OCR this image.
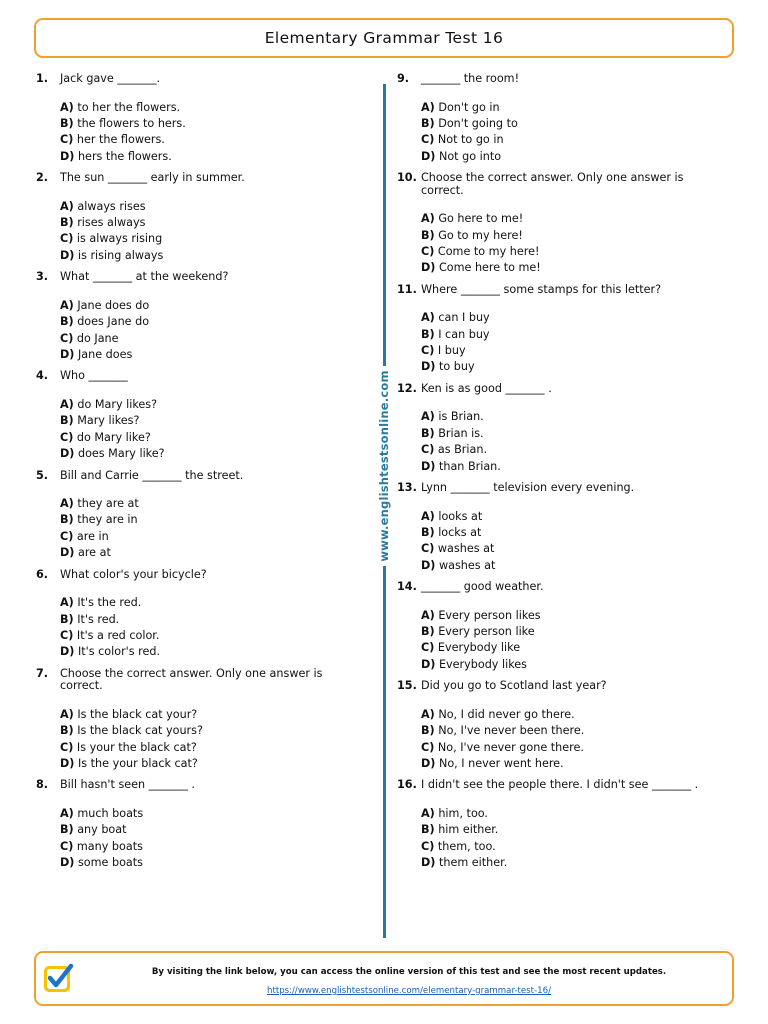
Elementary Grammar Test 16
1.	Jack gave _______.
A) to her the flowers.
B) the flowers to hers.
C) her the flowers.
D) hers the flowers.
2.	The sun _______ early in summer.
A) always rises
B) rises always
C) is always rising
D) is rising always
3.	What _______ at the weekend?
A) Jane does do
B) does Jane do
C) do Jane
D) Jane does
4.	Who _______
A) do Mary likes?
B) Mary likes?
C) do Mary like?
D) does Mary like?
5.	Bill and Carrie _______ the street.
A) they are at
B) they are in
C) are in
D) are at
6.	What color's your bicycle?
A) It's the red.
B) It's red.
C) It's a red color.
D) It's color's red.
7.	Choose the correct answer. Only one answer is correct.
A) Is the black cat your?
B) Is the black cat yours?
C) Is your the black cat?
D) Is the your black cat?
8.	Bill hasn't seen _______ .
A) much boats
B) any boat
C) many boats
D) some boats
9.	_______ the room!
A) Don't go in
B) Don't going to
C) Not to go in
D) Not go into
10. Choose the correct answer. Only one answer is correct.
A) Go here to me!
B) Go to my here!
C) Come to my here!
D) Come here to me!
11. Where _______ some stamps for this letter?
A) can I buy
B) I can buy
C) I buy
D) to buy
12. Ken is as good _______ .
A) is Brian.
B) Brian is.
C) as Brian.
D) than Brian.
13. Lynn _______ television every evening.
A) looks at
B) locks at
C) washes at
D) washes at
14. _______ good weather.
A) Every person likes
B) Every person like
C) Everybody like
D) Everybody likes
15. Did you go to Scotland last year?
A) No, I did never go there.
B) No, I've never been there.
C) No, I've never gone there.
D) No, I never went here.
16. I didn't see the people there. I didn't see _______ .
A) him, too.
B) him either.
C) them, too.
D) them either.
www.englishtestsonline.com
By visiting the link below, you can access the online version of this test and see the most recent updates.
https://www.englishtestsonline.com/elementary-grammar-test-16/
